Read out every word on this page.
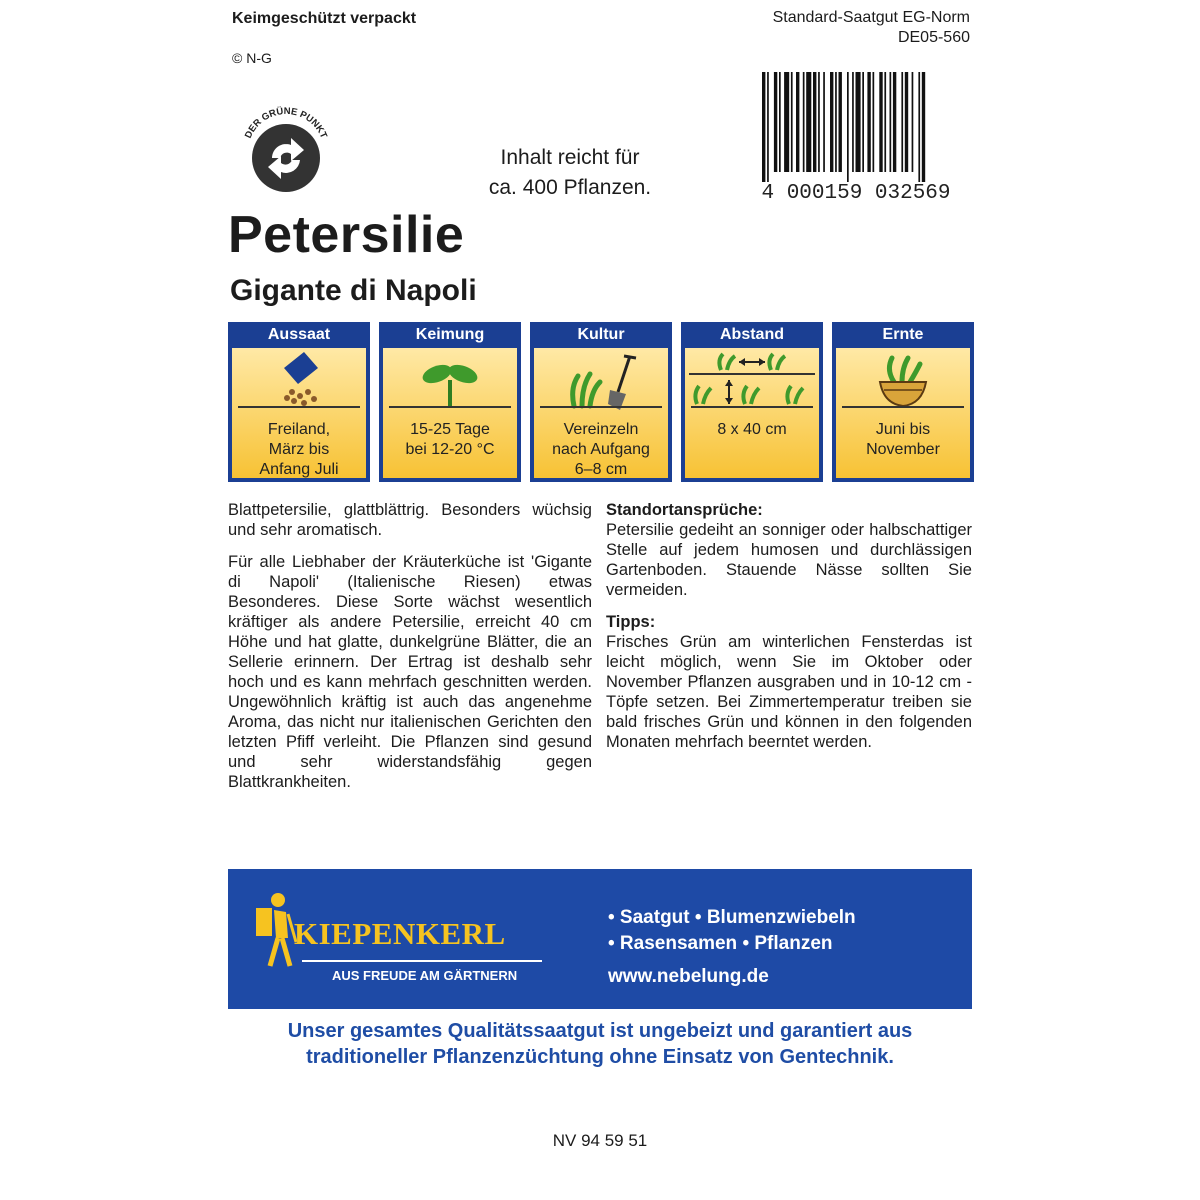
Keimgeschützt verpackt
© N-G
Standard-Saatgut EG-Norm
DE05-560
DER GRÜNE PUNKT
Inhalt reicht für
ca. 400 Pflanzen.	4 000159 032569
Petersilie
Gigante di Napoli
Aussaat
Freiland,
März bis
Anfang Juli
Keimung
15-25 Tage
bei 12-20 °C
Kultur
Vereinzeln
nach Aufgang
6–8 cm
Abstand
8 x 40 cm
Ernte
Juni bis
November

Blattpetersilie, glattblättrig. Besonders wüchsig und sehr aromatisch.

Für alle Liebhaber der Kräuterküche ist 'Gigante di Napoli' (Italienische Riesen) etwas Besonderes. Diese Sorte wächst wesentlich kräftiger als andere Petersilie, erreicht 40 cm Höhe und hat glatte, dunkelgrüne Blätter, die an Sellerie erinnern. Der Ertrag ist deshalb sehr hoch und es kann mehrfach geschnitten werden. Ungewöhnlich kräftig ist auch das angenehme Aroma, das nicht nur italienischen Gerichten den letzten Pfiff verleiht. Die Pflanzen sind gesund und sehr widerstandsfähig gegen Blattkrankheiten.

Standortansprüche:

Petersilie gedeiht an sonniger oder halbschattiger Stelle auf jedem humosen und durchlässigen Gartenboden. Stauende Nässe sollten Sie vermeiden.

Tipps:

Frisches Grün am winterlichen Fensterdas ist leicht möglich, wenn Sie im Oktober oder November Pflanzen ausgraben und in 10-12 cm -Töpfe setzen. Bei Zimmertemperatur treiben sie bald frisches Grün und können in den folgenden Monaten mehrfach beerntet werden.

KIEPENKERL
AUS FREUDE AM GÄRTNERN
• Saatgut • Blumenzwiebeln
• Rasensamen • Pflanzen
www.nebelung.de
Unser gesamtes Qualitätssaatgut ist ungebeizt und garantiert aus
traditioneller Pflanzenzüchtung ohne Einsatz von Gentechnik.
NV 94 59 51
